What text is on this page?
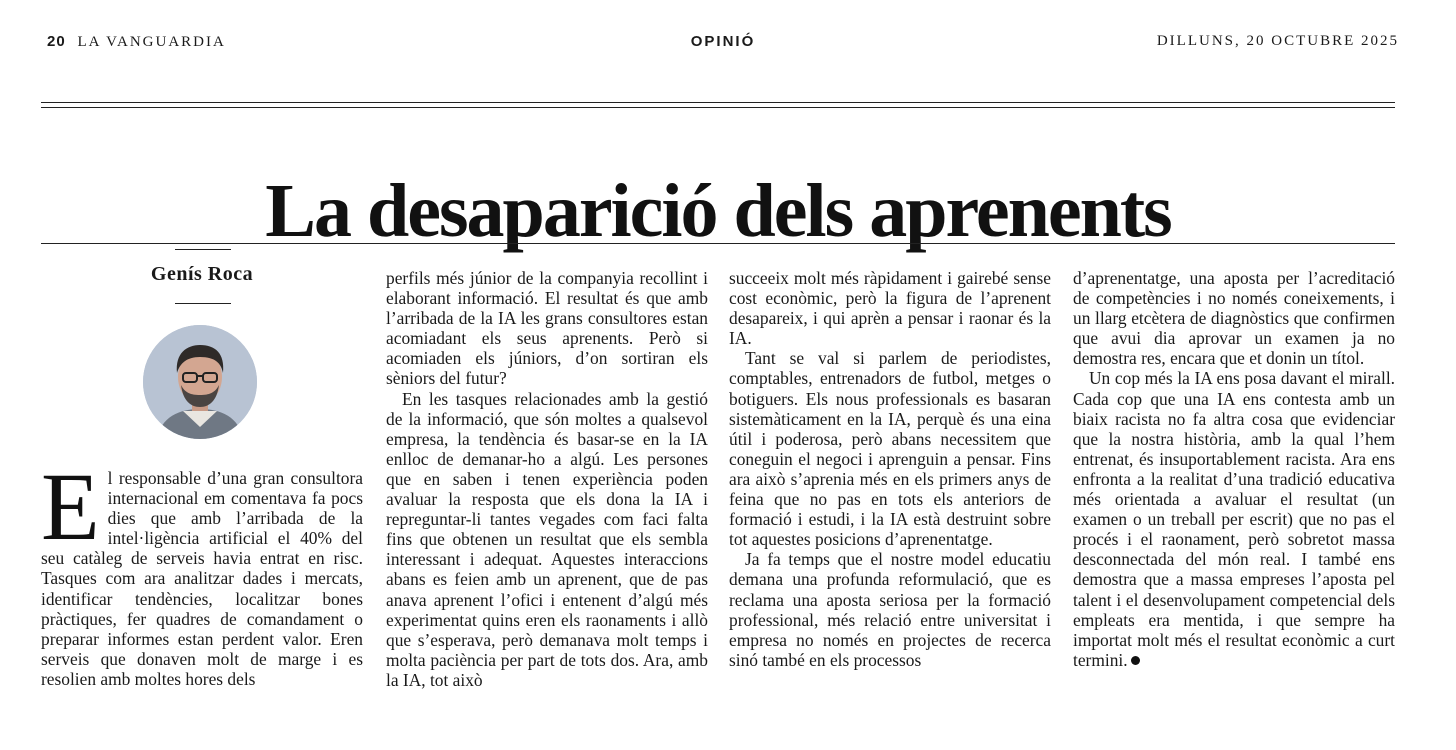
20 LA VANGUARDIA	OPINIÓ	DILLUNS, 20 OCTUBRE 2025
La desaparició dels aprenents
Genís Roca

El responsable d’una gran consultora internacional em comentava fa pocs dies que amb l’arribada de la intel·ligència artificial el 40% del seu catàleg de serveis havia entrat en risc. Tasques com ara analitzar dades i mercats, identificar tendències, localitzar bones pràctiques, fer quadres de comandament o preparar informes estan perdent valor. Eren serveis que donaven molt de marge i es resolien amb moltes hores dels

perfils més júnior de la companyia recollint i elaborant informació. El resultat és que amb l’arribada de la IA les grans consultores estan acomiadant els seus aprenents. Però si acomiaden els júniors, d’on sortiran els sèniors del futur?

En les tasques relacionades amb la gestió de la informació, que són moltes a qualsevol empresa, la tendència és basar-se en la IA enlloc de demanar-ho a algú. Les persones que en saben i tenen experiència poden avaluar la resposta que els dona la IA i repreguntar-li tantes vegades com faci falta fins que obtenen un resultat que els sembla interessant i adequat. Aquestes interaccions abans es feien amb un aprenent, que de pas anava aprenent l’ofici i entenent d’algú més experimentat quins eren els raonaments i allò que s’esperava, però demanava molt temps i molta paciència per part de tots dos. Ara, amb la IA, tot això

succeeix molt més ràpidament i gairebé sense cost econòmic, però la figura de l’aprenent desapareix, i qui aprèn a pensar i raonar és la IA.

Tant se val si parlem de periodistes, comptables, entrenadors de futbol, metges o botiguers. Els nous professionals es basaran sistemàticament en la IA, perquè és una eina útil i poderosa, però abans necessitem que coneguin el negoci i aprenguin a pensar. Fins ara això s’aprenia més en els primers anys de feina que no pas en tots els anteriors de formació i estudi, i la IA està destruint sobre tot aquestes posicions d’aprenentatge.

Ja fa temps que el nostre model educatiu demana una profunda reformulació, que es reclama una aposta seriosa per la formació professional, més relació entre universitat i empresa no només en projectes de recerca sinó també en els processos

d’aprenentatge, una aposta per l’acreditació de competències i no només coneixements, i un llarg etcètera de diagnòstics que confirmen que avui dia aprovar un examen ja no demostra res, encara que et donin un títol.

Un cop més la IA ens posa davant el mirall. Cada cop que una IA ens contesta amb un biaix racista no fa altra cosa que evidenciar que la nostra història, amb la qual l’hem entrenat, és insuportablement racista. Ara ens enfronta a la realitat d’una tradició educativa més orientada a avaluar el resultat (un examen o un treball per escrit) que no pas el procés i el raonament, però sobretot massa desconnectada del món real. I també ens demostra que a massa empreses l’aposta pel talent i el desenvolupament competencial dels empleats era mentida, i que sempre ha importat molt més el resultat econòmic a curt termini.
